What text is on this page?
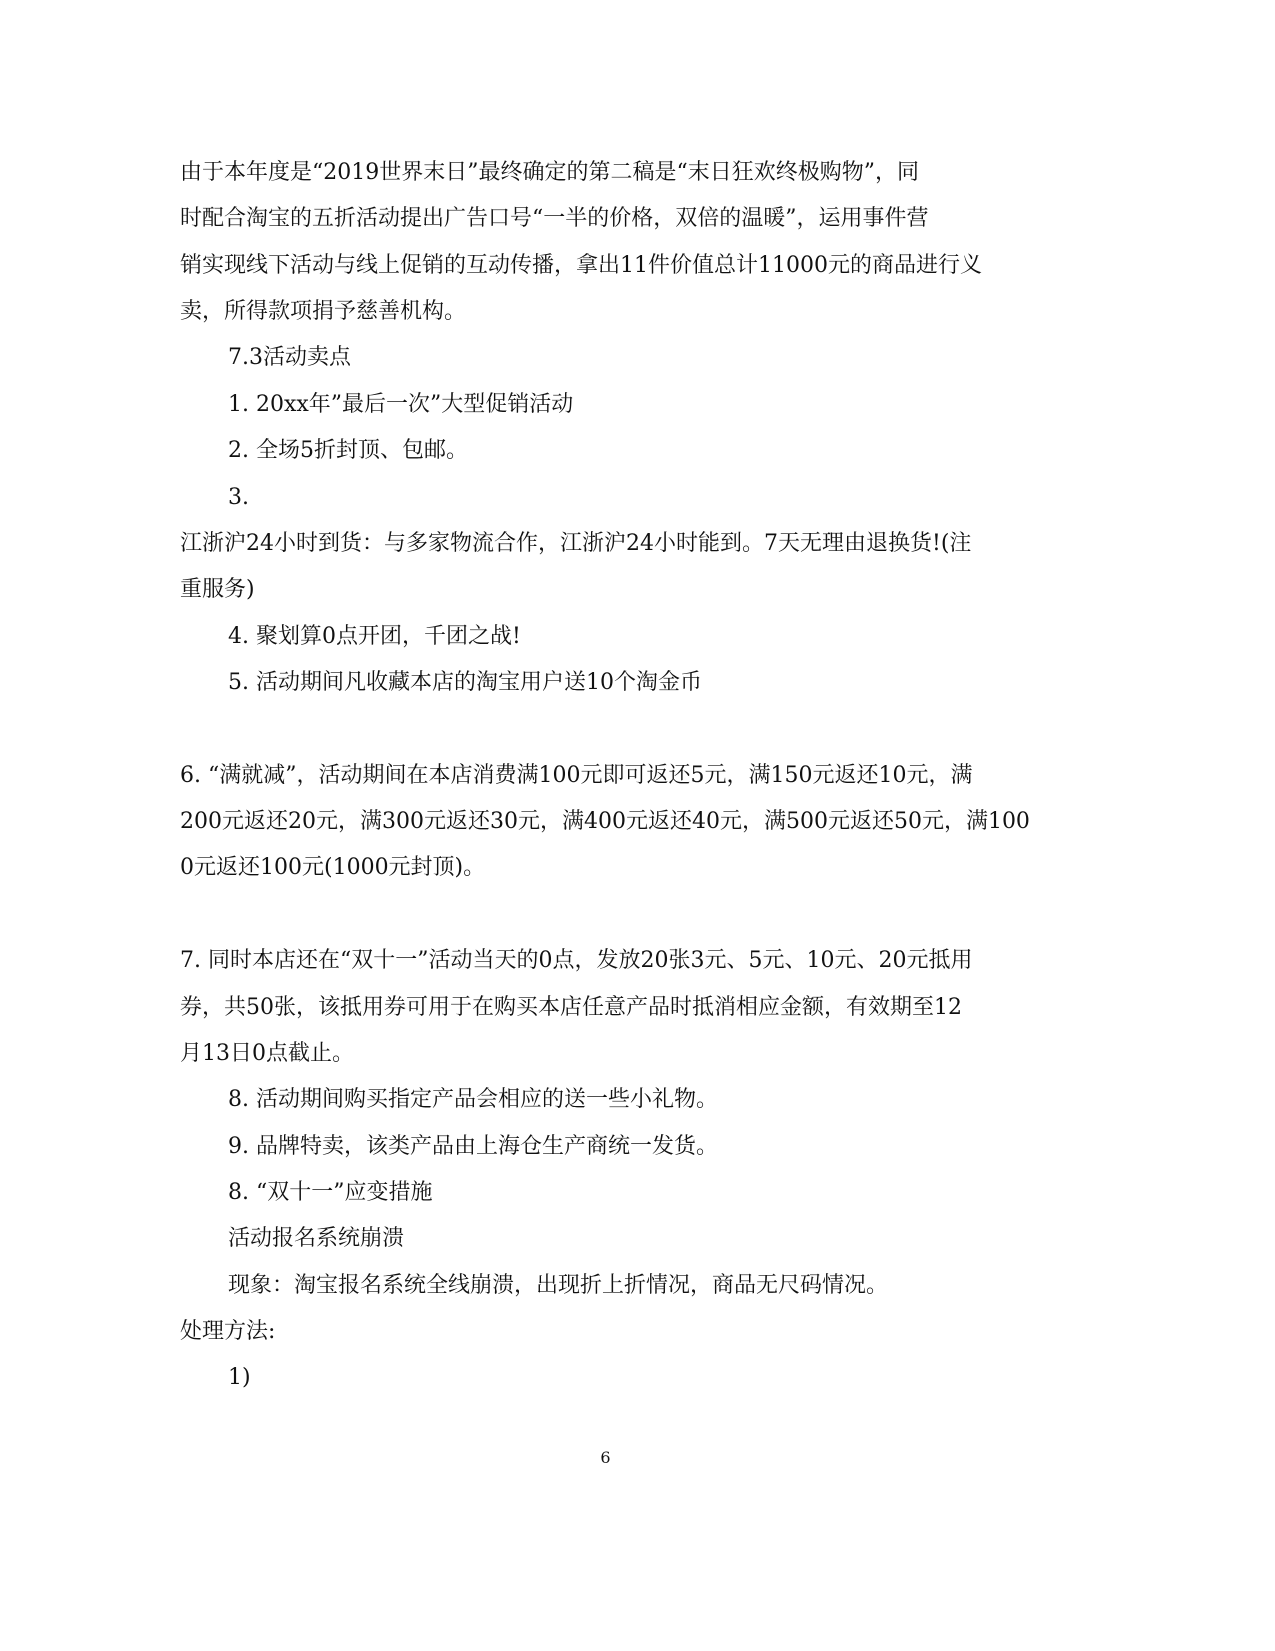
由于本年度是“2019世界末日”最终确定的第二稿是“末日狂欢终极购物”，同
时配合淘宝的五折活动提出广告口号“一半的价格，双倍的温暖”，运用事件营
销实现线下活动与线上促销的互动传播，拿出11件价值总计11000元的商品进行义
卖，所得款项捐予慈善机构。
7.3活动卖点
1. 20xx年”最后一次”大型促销活动
2. 全场5折封顶、包邮。
3.
江浙沪24小时到货：与多家物流合作，江浙沪24小时能到。7天无理由退换货!(注
重服务)
4. 聚划算0点开团，千团之战!
5. 活动期间凡收藏本店的淘宝用户送10个淘金币
6. “满就减”，活动期间在本店消费满100元即可返还5元，满150元返还10元，满
200元返还20元，满300元返还30元，满400元返还40元，满500元返还50元，满100
0元返还100元(1000元封顶)。
7. 同时本店还在“双十一”活动当天的0点，发放20张3元、5元、10元、20元抵用
券，共50张，该抵用券可用于在购买本店任意产品时抵消相应金额，有效期至12
月13日0点截止。
8. 活动期间购买指定产品会相应的送一些小礼物。
9. 品牌特卖，该类产品由上海仓生产商统一发货。
8. “双十一”应变措施
活动报名系统崩溃
现象：淘宝报名系统全线崩溃，出现折上折情况，商品无尺码情况。
处理方法:
1)
6
